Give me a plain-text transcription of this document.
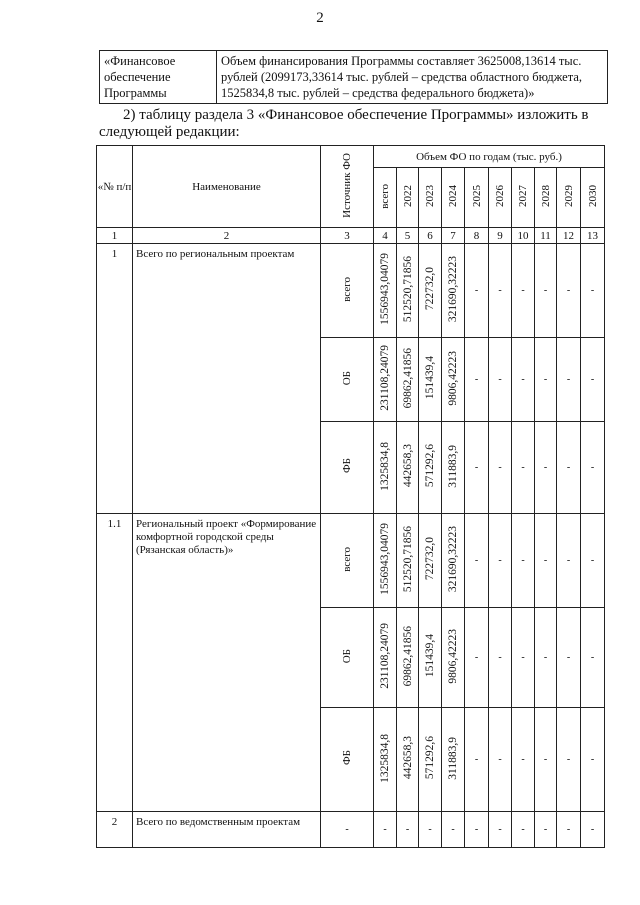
2
«Финансовое обеспечение Программы	Объем финансирования Программы составляет 3625008,13614 тыс. рублей (2099173,33614 тыс. рублей – средства областного бюджета, 1525834,8 тыс. рублей – средства федерального бюджета)»
2) таблицу раздела 3 «Финансовое обеспечение Программы» изложить в следующей редакции:
«№ п/п	Наименование	Источник ФО	Объем ФО по годам (тыс. руб.)									
			всего	2022	2023	2024	2025	2026	2027	2028	2029	2030
1	2	3	4	5	6	7	8	9	10	11	12	13
1	Всего по региональным проектам	всего	1556943,04079	512520,71856	722732,0	321690,32223	-	-	-	-	-	-
		ОБ	231108,24079	69862,41856	151439,4	9806,42223	-	-	-	-	-	-
		ФБ	1325834,8	442658,3	571292,6	311883,9	-	-	-	-	-	-
1.1	Региональный проект «Формирование комфортной городской среды (Рязанская область)»	всего	1556943,04079	512520,71856	722732,0	321690,32223	-	-	-	-	-	-
		ОБ	231108,24079	69862,41856	151439,4	9806,42223	-	-	-	-	-	-
		ФБ	1325834,8	442658,3	571292,6	311883,9	-	-	-	-	-	-
2	Всего по ведомственным проектам	-	-	-	-	-	-	-	-	-	-	-
